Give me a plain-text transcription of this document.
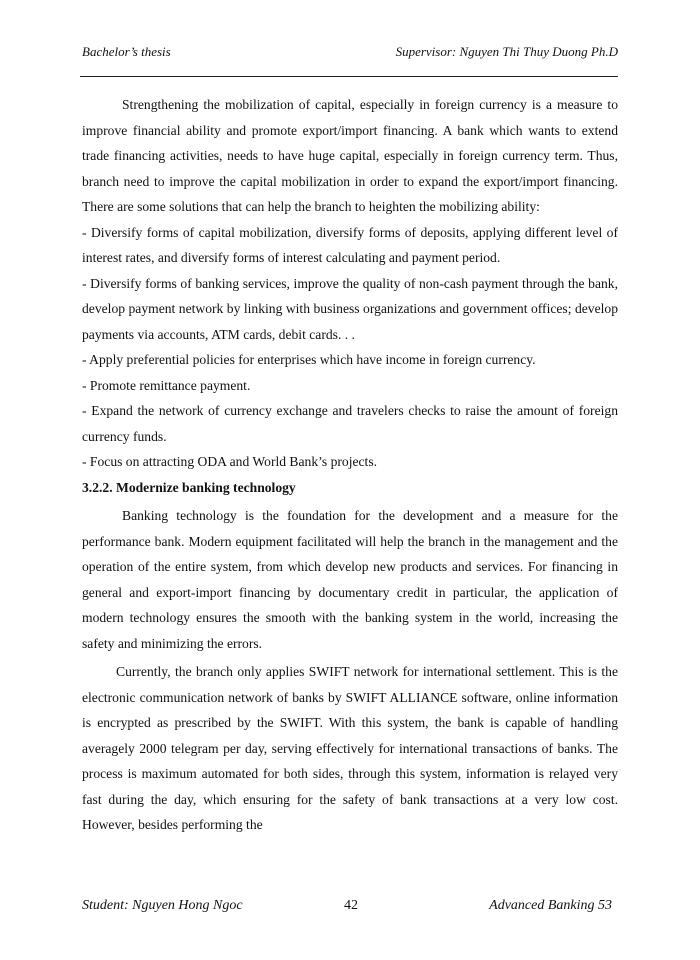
Bachelor’s thesis	Supervisor: Nguyen Thi Thuy Duong Ph.D

Strengthening the mobilization of capital, especially in foreign currency is a measure to improve financial ability and promote export/import financing. A bank which wants to extend trade financing activities, needs to have huge capital, especially in foreign currency term. Thus, branch need to improve the capital mobilization in order to expand the export/import financing. There are some solutions that can help the branch to heighten the mobilizing ability:

- Diversify forms of capital mobilization, diversify forms of deposits, applying different level of interest rates, and diversify forms of interest calculating and payment period.

- Diversify forms of banking services, improve the quality of non-cash payment through the bank, develop payment network by linking with business organizations and government offices; develop payments via accounts, ATM cards, debit cards. . .

- Apply preferential policies for enterprises which have income in foreign currency.

- Promote remittance payment.

- Expand the network of currency exchange and travelers checks to raise the amount of foreign currency funds.

- Focus on attracting ODA and World Bank’s projects.

3.2.2. Modernize banking technology

Banking technology is the foundation for the development and a measure for the performance bank. Modern equipment facilitated will help the branch in the management and the operation of the entire system, from which develop new products and services. For financing in general and export-import financing by documentary credit in particular, the application of modern technology ensures the smooth with the banking system in the world, increasing the safety and minimizing the errors.

Currently, the branch only applies SWIFT network for international settlement. This is the electronic communication network of banks by SWIFT ALLIANCE software, online information is encrypted as prescribed by the SWIFT. With this system, the bank is capable of handling averagely 2000 telegram per day, serving effectively for international transactions of banks. The process is maximum automated for both sides, through this system, information is relayed very fast during the day, which ensuring for the safety of bank transactions at a very low cost. However, besides performing the

Student: Nguyen Hong Ngoc	42	Advanced Banking 53
